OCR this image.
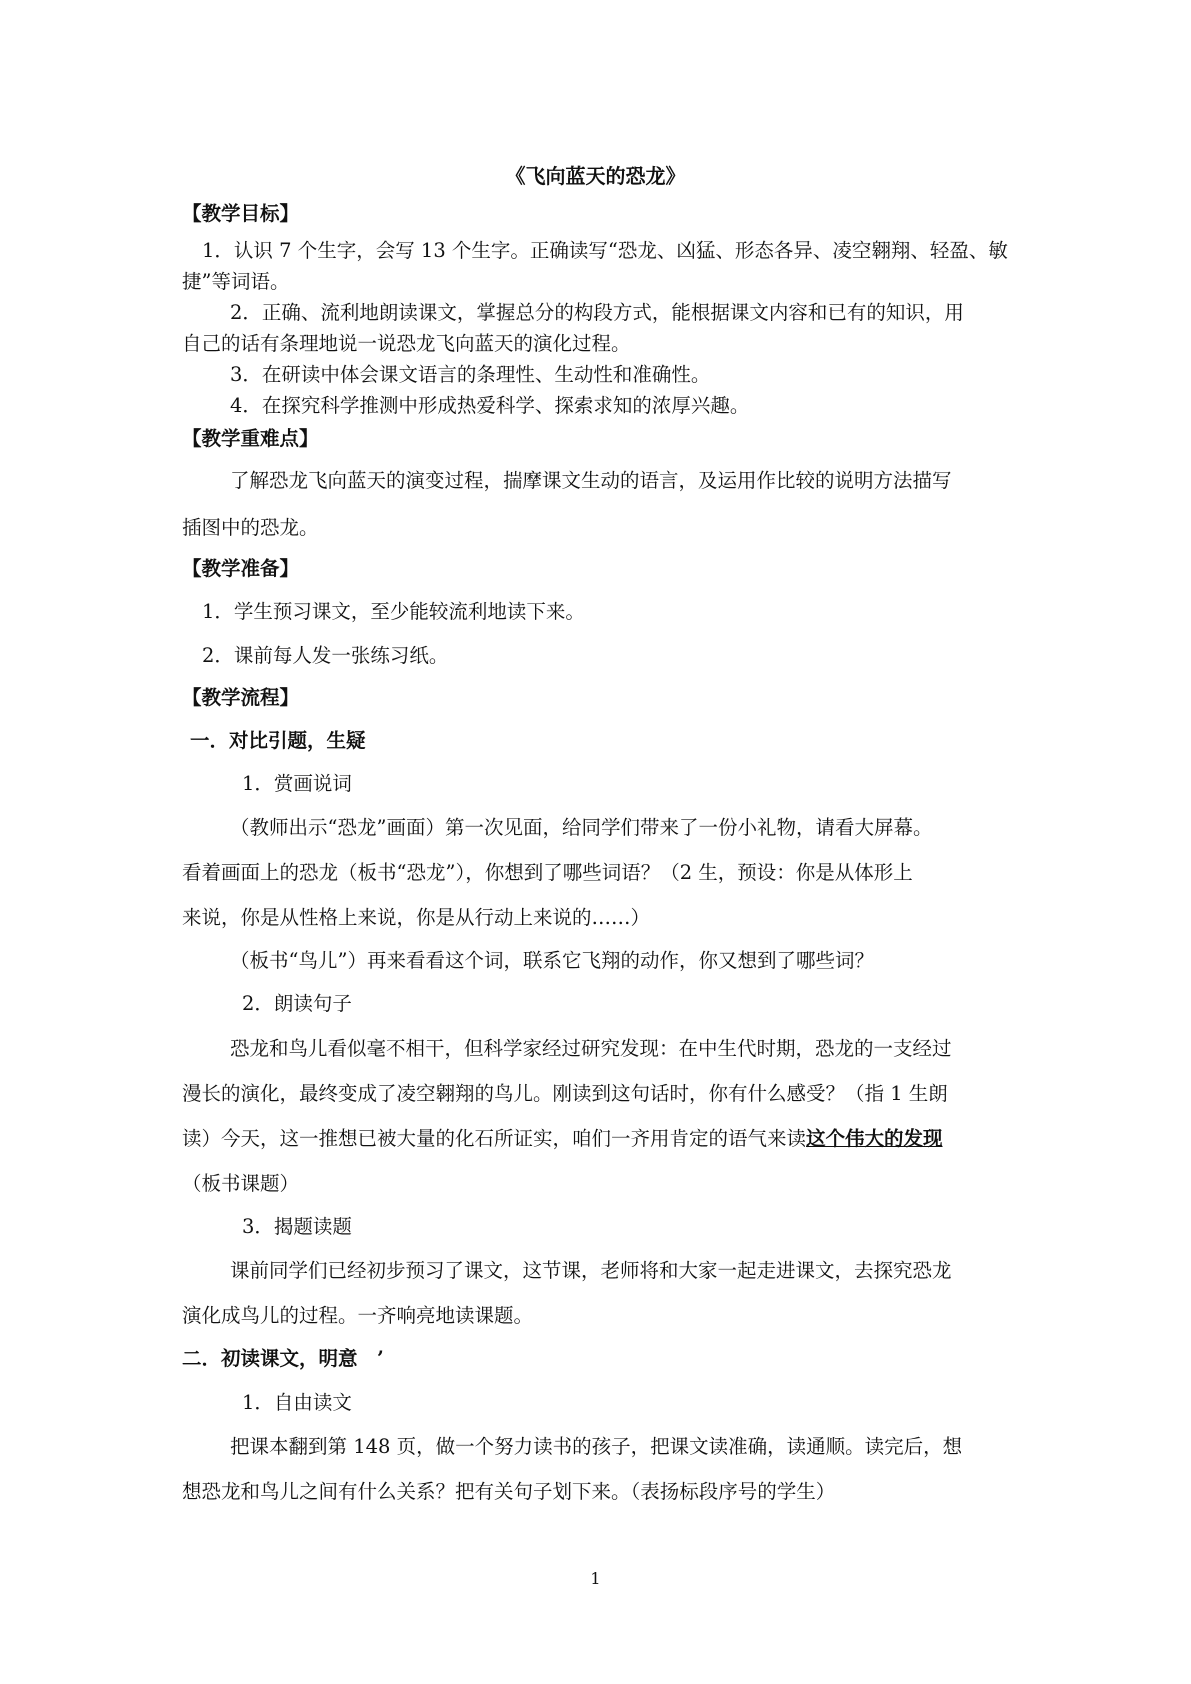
《飞向蓝天的恐龙》
【教学目标】
1．认识 7 个生字，会写 13 个生字。正确读写“恐龙、凶猛、形态各异、凌空翱翔、轻盈、敏
捷”等词语。
2．正确、流利地朗读课文，掌握总分的构段方式，能根据课文内容和已有的知识，用
自己的话有条理地说一说恐龙飞向蓝天的演化过程。
3．在研读中体会课文语言的条理性、生动性和准确性。
4．在探究科学推测中形成热爱科学、探索求知的浓厚兴趣。
【教学重难点】
了解恐龙飞向蓝天的演变过程，揣摩课文生动的语言，及运用作比较的说明方法描写
插图中的恐龙。
【教学准备】
1．学生预习课文，至少能较流利地读下来。
2．课前每人发一张练习纸。
【教学流程】
一．对比引题，生疑
1．赏画说词
（教师出示“恐龙”画面）第一次见面，给同学们带来了一份小礼物，请看大屏幕。
看着画面上的恐龙（板书“恐龙”），你想到了哪些词语？（2 生，预设：你是从体形上
来说，你是从性格上来说，你是从行动上来说的……）
（板书“鸟儿”）再来看看这个词，联系它飞翔的动作，你又想到了哪些词？
2．朗读句子
恐龙和鸟儿看似毫不相干，但科学家经过研究发现：在中生代时期，恐龙的一支经过
漫长的演化，最终变成了凌空翱翔的鸟儿。刚读到这句话时，你有什么感受？（指 1 生朗
读）今天，这一推想已被大量的化石所证实，咱们一齐用肯定的语气来读这个伟大的发现
（板书课题）
3．揭题读题
课前同学们已经初步预习了课文，这节课，老师将和大家一起走进课文，去探究恐龙
演化成鸟儿的过程。一齐响亮地读课题。
二．初读课文，明意　’
1．自由读文
把课本翻到第 148 页，做一个努力读书的孩子，把课文读准确，读通顺。读完后，想
想恐龙和鸟儿之间有什么关系？把有关句子划下来。（表扬标段序号的学生）
1
